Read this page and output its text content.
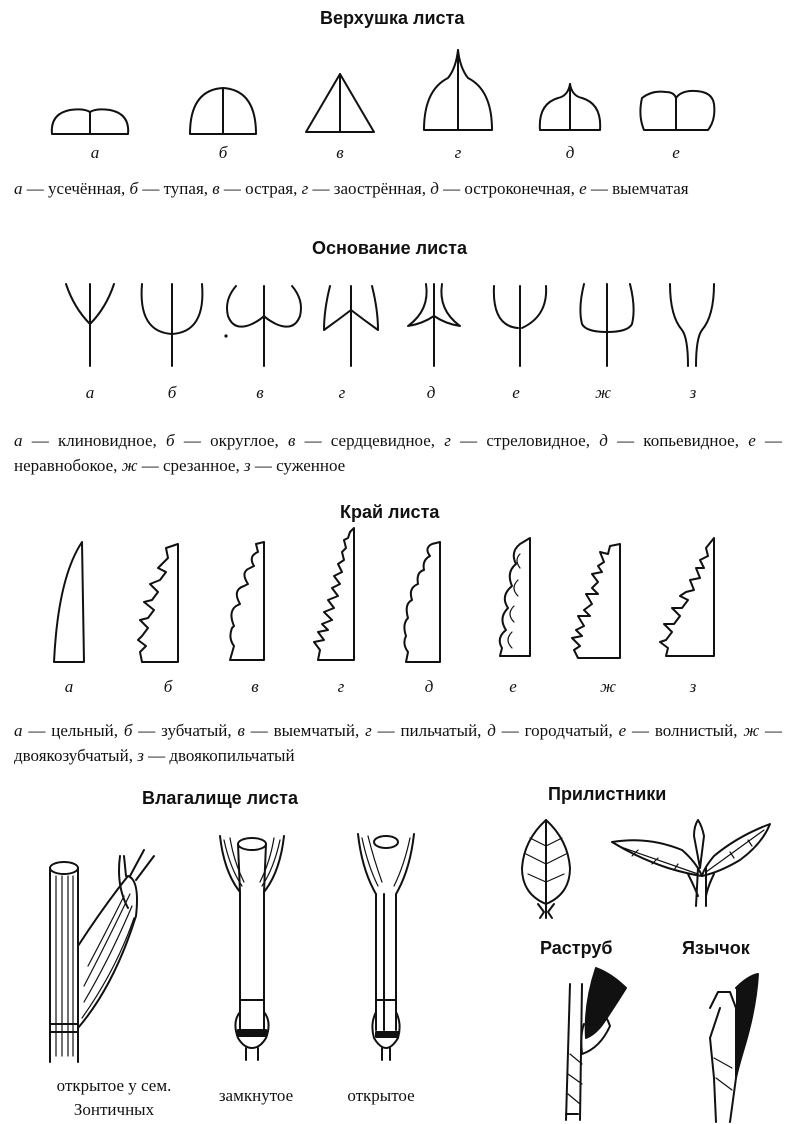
Верхушка листа
а	б	в	г	д	е
а — усечённая, б — тупая, в — острая, г — заострённая, д — остроконечная, е — выемчатая
Основание листа
а	б	в	г	д	е	ж	з
а — клиновидное, б — округлое, в — сердцевидное, г — стреловидное, д — копьевидное, е — неравнобокое, ж — срезанное, з — суженное
Край листа
а	б	в	г	д	е	ж	з
а — цельный, б — зубчатый, в — выемчатый, г — пильчатый, д — городчатый, е — волнистый, ж — двоякозубчатый, з — двоякопильчатый
Влагалище листа
открытое у сем. Зонтичных
замкнутое	открытое
Прилистники
Раструб	Язычок
